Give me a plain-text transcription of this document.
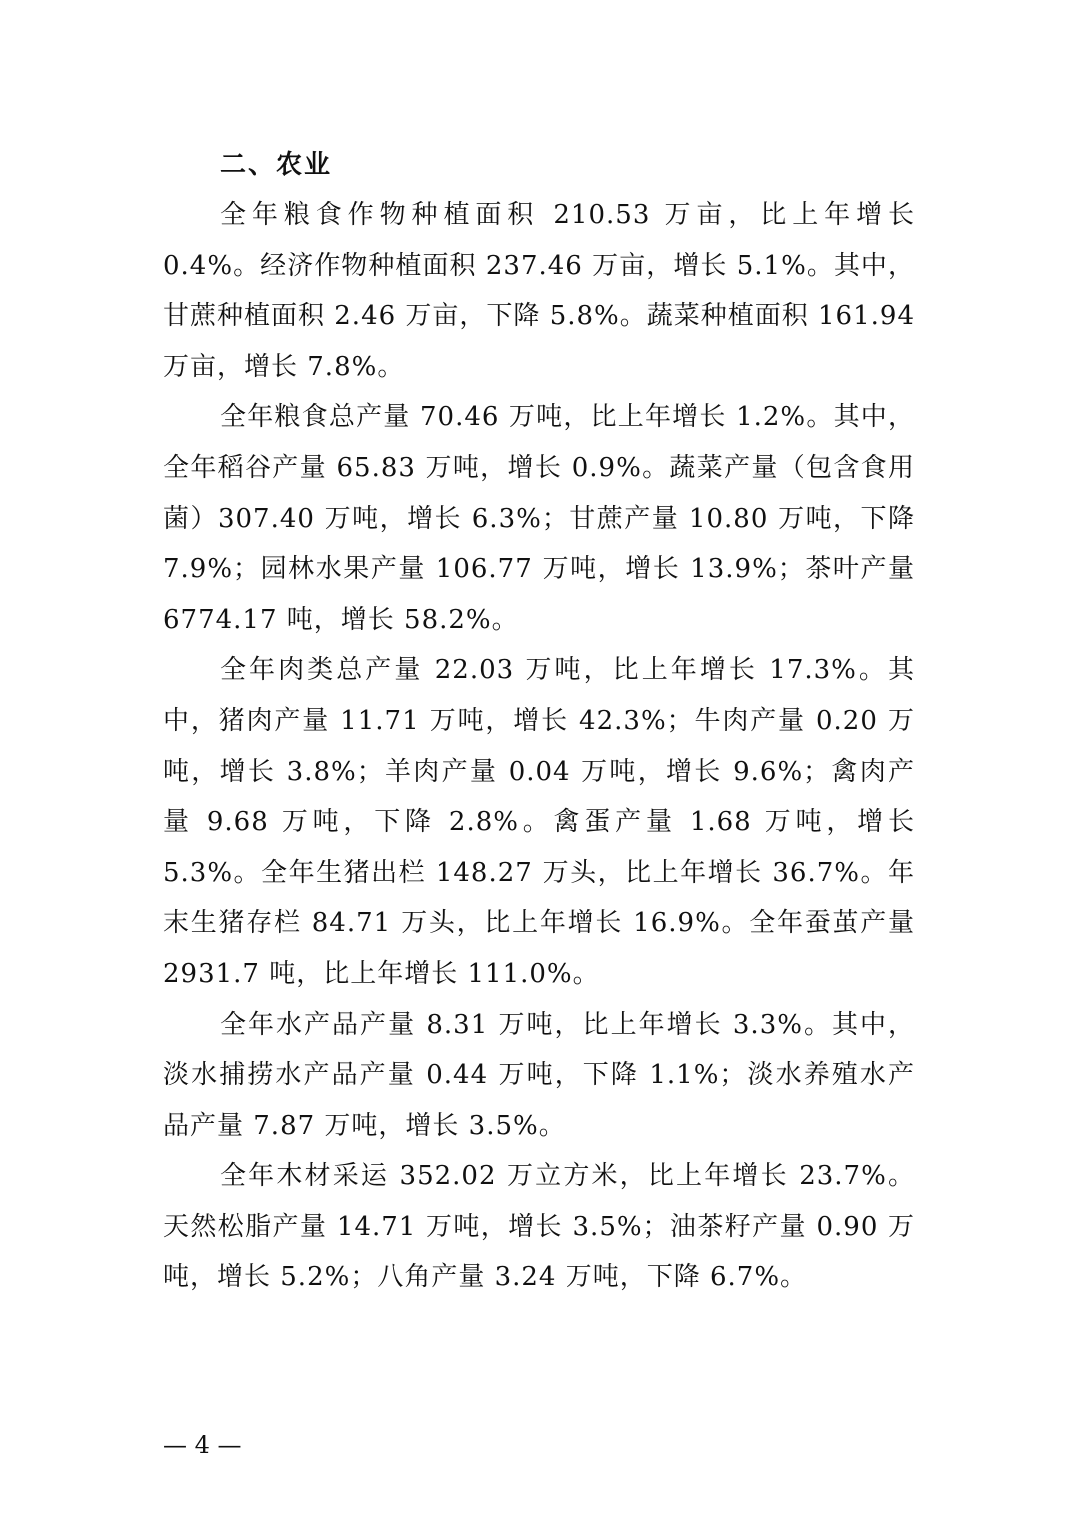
二、农业

全年粮食作物种植面积 210.53 万亩，比上年增长 0.4%。经济作物种植面积 237.46 万亩，增长 5.1%。其中，甘蔗种植面积 2.46 万亩，下降 5.8%。蔬菜种植面积 161.94 万亩，增长 7.8%。

全年粮食总产量 70.46 万吨，比上年增长 1.2%。其中，全年稻谷产量 65.83 万吨，增长 0.9%。蔬菜产量（包含食用菌）307.40 万吨，增长 6.3%；甘蔗产量 10.80 万吨，下降 7.9%；园林水果产量 106.77 万吨，增长 13.9%；茶叶产量 6774.17 吨，增长 58.2%。

全年肉类总产量 22.03 万吨，比上年增长 17.3%。其中，猪肉产量 11.71 万吨，增长 42.3%；牛肉产量 0.20 万吨，增长 3.8%；羊肉产量 0.04 万吨，增长 9.6%；禽肉产量 9.68 万吨，下降 2.8%。禽蛋产量 1.68 万吨，增长 5.3%。全年生猪出栏 148.27 万头，比上年增长 36.7%。年末生猪存栏 84.71 万头，比上年增长 16.9%。全年蚕茧产量 2931.7 吨，比上年增长 111.0%。

全年水产品产量 8.31 万吨，比上年增长 3.3%。其中，淡水捕捞水产品产量 0.44 万吨，下降 1.1%；淡水养殖水产品产量 7.87 万吨，增长 3.5%。

全年木材采运 352.02 万立方米，比上年增长 23.7%。天然松脂产量 14.71 万吨，增长 3.5%；油茶籽产量 0.90 万吨，增长 5.2%；八角产量 3.24 万吨，下降 6.7%。

— 4 —
